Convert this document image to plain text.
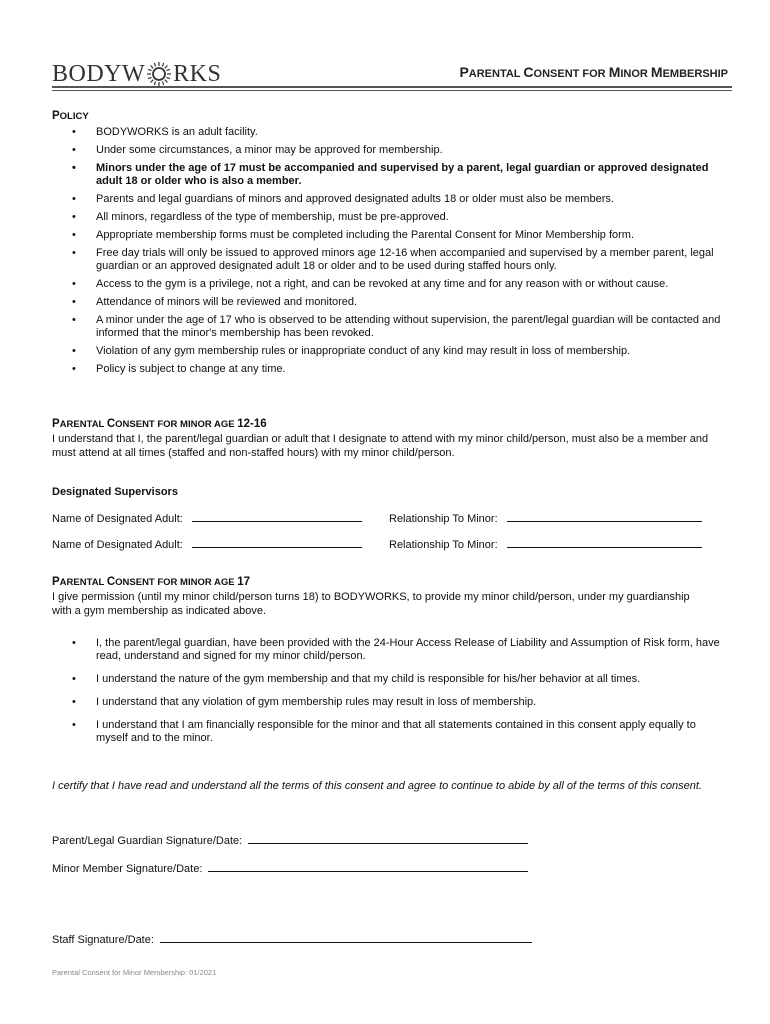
BODYW RKS	PARENTAL CONSENT FOR MINOR MEMBERSHIP
POLICY
• BODYWORKS is an adult facility.
• Under some circumstances, a minor may be approved for membership.
• Minors under the age of 17 must be accompanied and supervised by a parent, legal guardian or approved designated adult 18 or older who is also a member.
• Parents and legal guardians of minors and approved designated adults 18 or older must also be members.
• All minors, regardless of the type of membership, must be pre-approved.
• Appropriate membership forms must be completed including the Parental Consent for Minor Membership form.
• Free day trials will only be issued to approved minors age 12-16 when accompanied and supervised by a member parent, legal guardian or an approved designated adult 18 or older and to be used during staffed hours only.
• Access to the gym is a privilege, not a right, and can be revoked at any time and for any reason with or without cause.
• Attendance of minors will be reviewed and monitored.
• A minor under the age of 17 who is observed to be attending without supervision, the parent/legal guardian will be contacted and informed that the minor's membership has been revoked.
• Violation of any gym membership rules or inappropriate conduct of any kind may result in loss of membership.
• Policy is subject to change at any time.
PARENTAL CONSENT FOR MINOR AGE 12-16
I understand that I, the parent/legal guardian or adult that I designate to attend with my minor child/person, must also be a member and must attend at all times (staffed and non-staffed hours) with my minor child/person.
Designated Supervisors
Name of Designated Adult:	Relationship To Minor:
Name of Designated Adult:	Relationship To Minor:
PARENTAL CONSENT FOR MINOR AGE 17
I give permission (until my minor child/person turns 18) to BODYWORKS, to provide my minor child/person, under my guardianship with a gym membership as indicated above.
• I, the parent/legal guardian, have been provided with the 24-Hour Access Release of Liability and Assumption of Risk form, have read, understand and signed for my minor child/person.
• I understand the nature of the gym membership and that my child is responsible for his/her behavior at all times.
• I understand that any violation of gym membership rules may result in loss of membership.
• I understand that I am financially responsible for the minor and that all statements contained in this consent apply equally to myself and to the minor.
I certify that I have read and understand all the terms of this consent and agree to continue to abide by all of the terms of this consent.
Parent/Legal Guardian Signature/Date:
Minor Member Signature/Date:
Staff Signature/Date:
Parental Consent for Minor Membership: 01/2021
